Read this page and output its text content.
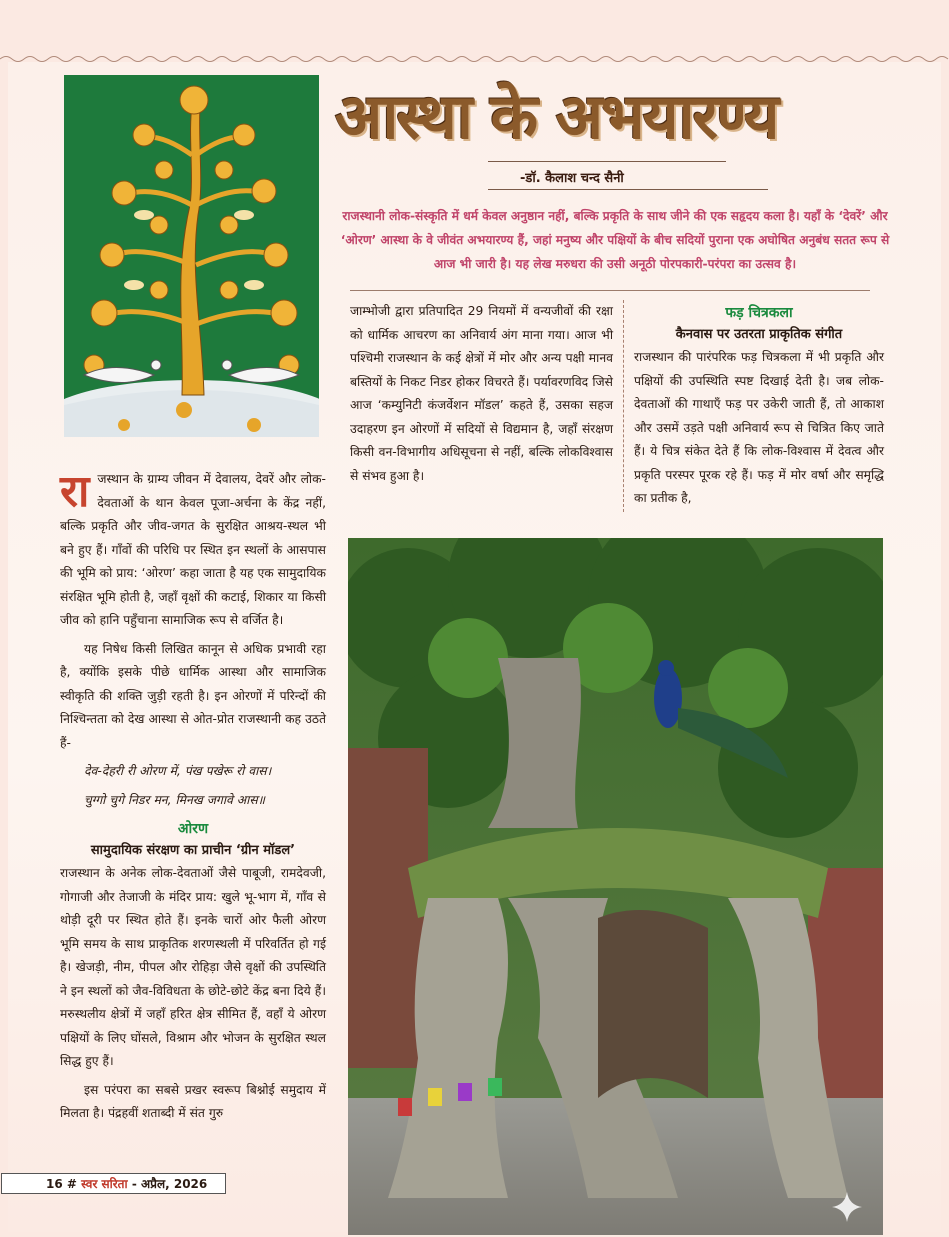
आस्था के अभयारण्य
-डॉ. कैलाश चन्द सैनी
राजस्थानी लोक-संस्कृति में धर्म केवल अनुष्ठान नहीं, बल्कि प्रकृति के साथ जीने की एक सहृदय कला है। यहाँ के ‘देवरें’ और ‘ओरण’ आस्था के वे जीवंत अभयारण्य हैं, जहां मनुष्य और पक्षियों के बीच सदियों पुराना एक अघोषित अनुबंध सतत रूप से आज भी जारी है। यह लेख मरुधरा की उसी अनूठी पोरपकारी-परंपरा का उत्सव है।

राजस्थान के ग्राम्य जीवन में देवालय, देवरें और लोक-देवताओं के थान केवल पूजा-अर्चना के केंद्र नहीं, बल्कि प्रकृति और जीव-जगत के सुरक्षित आश्रय-स्थल भी बने हुए हैं। गाँवों की परिधि पर स्थित इन स्थलों के आसपास की भूमि को प्राय: ‘ओरण’ कहा जाता है यह एक सामुदायिक संरक्षित भूमि होती है, जहाँ वृक्षों की कटाई, शिकार या किसी जीव को हानि पहुँचाना सामाजिक रूप से वर्जित है।

यह निषेध किसी लिखित कानून से अधिक प्रभावी रहा है, क्योंकि इसके पीछे धार्मिक आस्था और सामाजिक स्वीकृति की शक्ति जुड़ी रहती है। इन ओरणों में परिन्दों की निश्चिन्तता को देख आस्था से ओत-प्रोत राजस्थानी कह उठते हैं-

देव-देहरी री ओरण में, पंख पखेरू रो वास।

चुग्गो चुगे निडर मन, मिनख जगावे आस॥

ओरण
सामुदायिक संरक्षण का प्राचीन ‘ग्रीन मॉडल’

राजस्थान के अनेक लोक-देवताओं जैसे पाबूजी, रामदेवजी, गोगाजी और तेजाजी के मंदिर प्राय: खुले भू-भाग में, गाँव से थोड़ी दूरी पर स्थित होते हैं। इनके चारों ओर फैली ओरण भूमि समय के साथ प्राकृतिक शरणस्थली में परिवर्तित हो गई है। खेजड़ी, नीम, पीपल और रोहिड़ा जैसे वृक्षों की उपस्थिति ने इन स्थलों को जैव-विविधता के छोटे-छोटे केंद्र बना दिये हैं। मरुस्थलीय क्षेत्रों में जहाँ हरित क्षेत्र सीमित हैं, वहाँ ये ओरण पक्षियों के लिए घोंसले, विश्राम और भोजन के सुरक्षित स्थल सिद्ध हुए हैं।

इस परंपरा का सबसे प्रखर स्वरूप बिश्नोई समुदाय में मिलता है। पंद्रहवीं शताब्दी में संत गुरु

जाम्भोजी द्वारा प्रतिपादित 29 नियमों में वन्यजीवों की रक्षा को धार्मिक आचरण का अनिवार्य अंग माना गया। आज भी पश्चिमी राजस्थान के कई क्षेत्रों में मोर और अन्य पक्षी मानव बस्तियों के निकट निडर होकर विचरते हैं। पर्यावरणविद जिसे आज ‘कम्युनिटी कंजर्वेशन मॉडल’ कहते हैं, उसका सहज उदाहरण इन ओरणों में सदियों से विद्यमान है, जहाँ संरक्षण किसी वन-विभागीय अधिसूचना से नहीं, बल्कि लोकविश्वास से संभव हुआ है।

फड़ चित्रकला
कैनवास पर उतरता प्राकृतिक संगीत

राजस्थान की पारंपरिक फड़ चित्रकला में भी प्रकृति और पक्षियों की उपस्थिति स्पष्ट दिखाई देती है। जब लोक-देवताओं की गाथाएँ फड़ पर उकेरी जाती हैं, तो आकाश और उसमें उड़ते पक्षी अनिवार्य रूप से चित्रित किए जाते हैं। ये चित्र संकेत देते हैं कि लोक-विश्वास में देवत्व और प्रकृति परस्पर पूरक रहे हैं। फड़ में मोर वर्षा और समृद्धि का प्रतीक है,

16 # स्वर सरिता - अप्रैल, 2026
